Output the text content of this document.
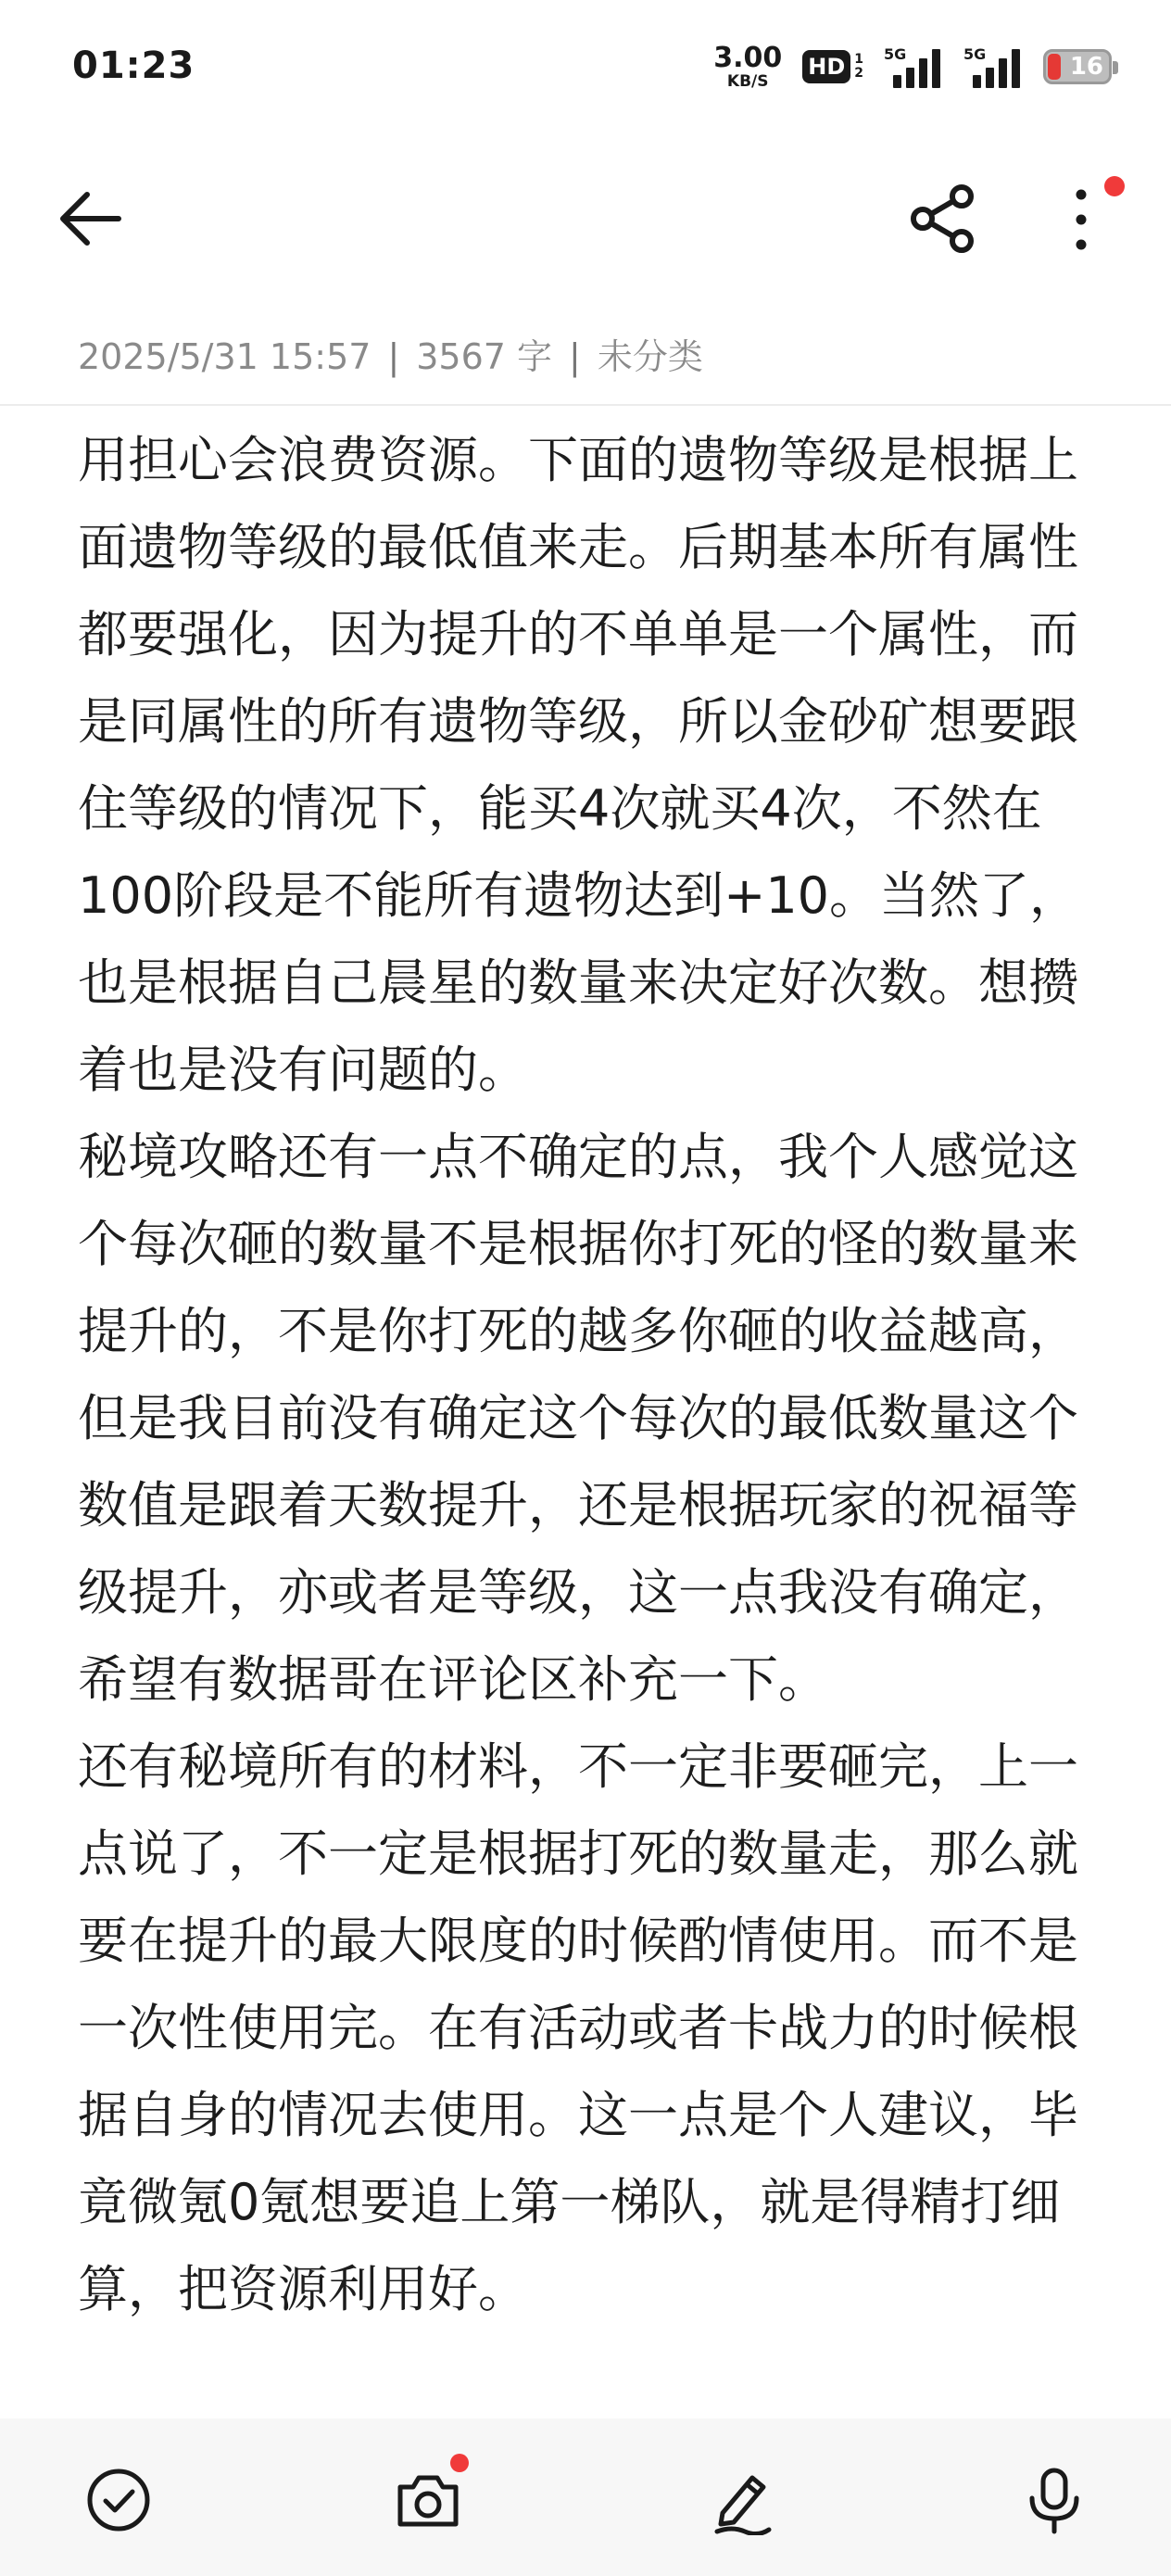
01:23	3.00
KB/S
HD 1
2
5G	5G	16
2025/5/31 15:57 | 3567 字 | 未分类

用担心会浪费资源。下面的遗物等级是根据上面遗物等级的最低值来走。后期基本所有属性都要强化，因为提升的不单单是一个属性，而是同属性的所有遗物等级，所以金砂矿想要跟住等级的情况下，能买4次就买4次，不然在100阶段是不能所有遗物达到+10。当然了，也是根据自己晨星的数量来决定好次数。想攒着也是没有问题的。

秘境攻略还有一点不确定的点，我个人感觉这个每次砸的数量不是根据你打死的怪的数量来提升的，不是你打死的越多你砸的收益越高，但是我目前没有确定这个每次的最低数量这个数值是跟着天数提升，还是根据玩家的祝福等级提升，亦或者是等级，这一点我没有确定，希望有数据哥在评论区补充一下。

还有秘境所有的材料，不一定非要砸完，上一点说了，不一定是根据打死的数量走，那么就要在提升的最大限度的时候酌情使用。而不是一次性使用完。在有活动或者卡战力的时候根据自身的情况去使用。这一点是个人建议，毕竟微氪0氪想要追上第一梯队，就是得精打细算，把资源利用好。
